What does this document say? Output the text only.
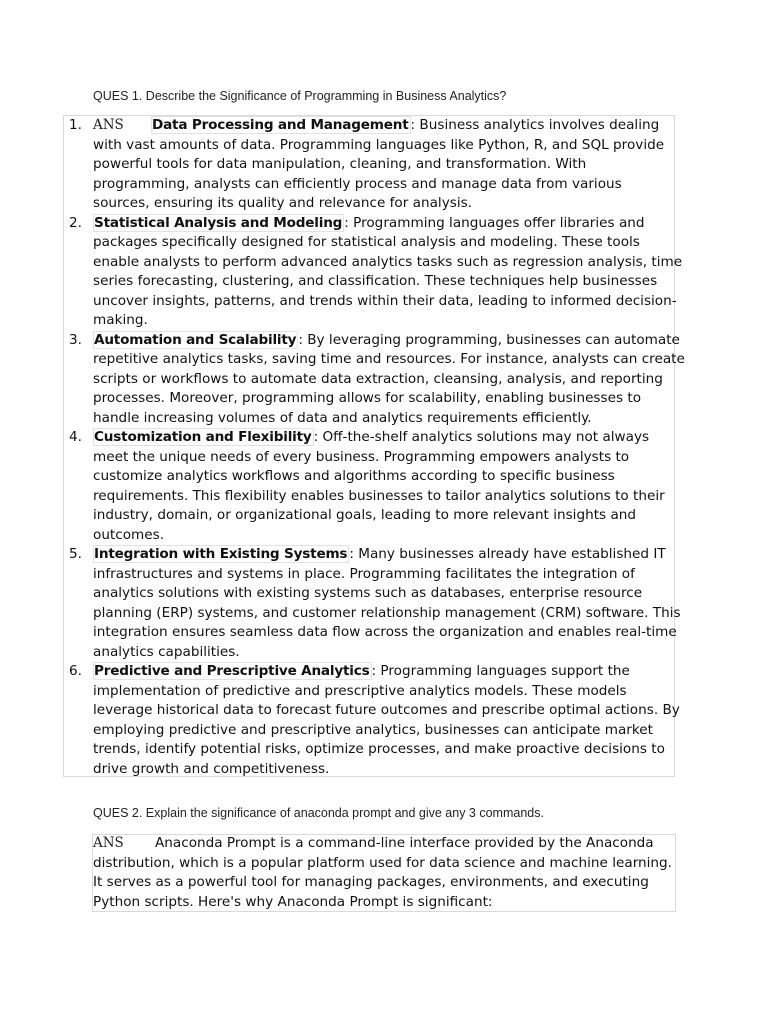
QUES 1. Describe the Significance of Programming in Business Analytics?

1. ANS Data Processing and Management : Business analytics involves dealing
with vast amounts of data. Programming languages like Python, R, and SQL provide
powerful tools for data manipulation, cleaning, and transformation. With
programming, analysts can efficiently process and manage data from various
sources, ensuring its quality and relevance for analysis.
2. Statistical Analysis and Modeling : Programming languages offer libraries and
packages specifically designed for statistical analysis and modeling. These tools
enable analysts to perform advanced analytics tasks such as regression analysis, time
series forecasting, clustering, and classification. These techniques help businesses
uncover insights, patterns, and trends within their data, leading to informed decision-
making.
3. Automation and Scalability : By leveraging programming, businesses can automate
repetitive analytics tasks, saving time and resources. For instance, analysts can create
scripts or workflows to automate data extraction, cleansing, analysis, and reporting
processes. Moreover, programming allows for scalability, enabling businesses to
handle increasing volumes of data and analytics requirements efficiently.
4. Customization and Flexibility : Off-the-shelf analytics solutions may not always
meet the unique needs of every business. Programming empowers analysts to
customize analytics workflows and algorithms according to specific business
requirements. This flexibility enables businesses to tailor analytics solutions to their
industry, domain, or organizational goals, leading to more relevant insights and
outcomes.
5. Integration with Existing Systems : Many businesses already have established IT
infrastructures and systems in place. Programming facilitates the integration of
analytics solutions with existing systems such as databases, enterprise resource
planning (ERP) systems, and customer relationship management (CRM) software. This
integration ensures seamless data flow across the organization and enables real-time
analytics capabilities.
6. Predictive and Prescriptive Analytics : Programming languages support the
implementation of predictive and prescriptive analytics models. These models
leverage historical data to forecast future outcomes and prescribe optimal actions. By
employing predictive and prescriptive analytics, businesses can anticipate market
trends, identify potential risks, optimize processes, and make proactive decisions to
drive growth and competitiveness.

QUES 2. Explain the significance of anaconda prompt and give any 3 commands.

ANS Anaconda Prompt is a command-line interface provided by the Anaconda
distribution, which is a popular platform used for data science and machine learning.
It serves as a powerful tool for managing packages, environments, and executing
Python scripts. Here's why Anaconda Prompt is significant:
